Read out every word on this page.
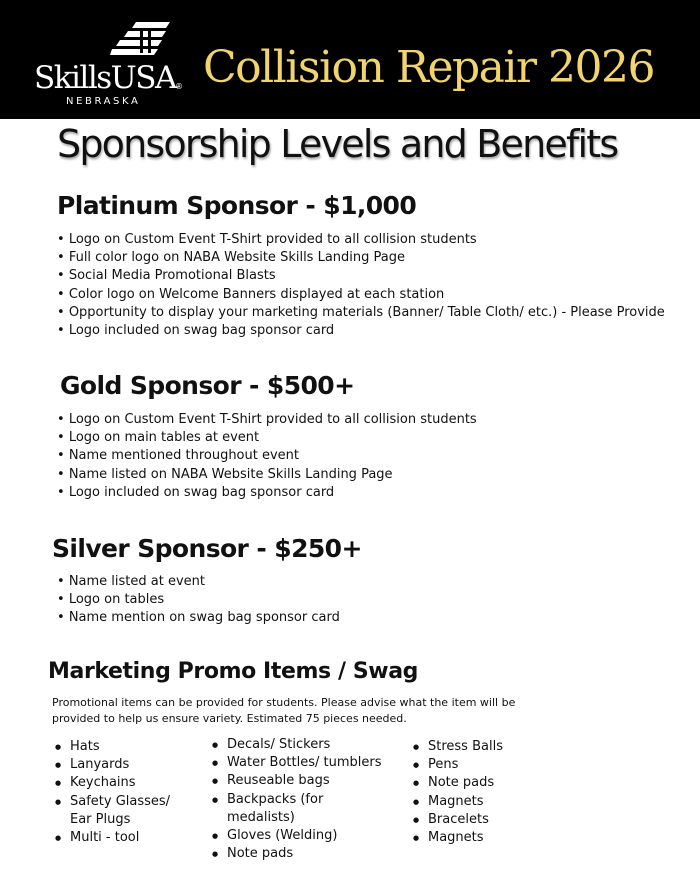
SkillsUSA ®
NEBRASKA
Collision Repair 2026
Sponsorship Levels and Benefits
Platinum Sponsor - $1,000
• Logo on Custom Event T-Shirt provided to all collision students
• Full color logo on NABA Website Skills Landing Page
• Social Media Promotional Blasts
• Color logo on Welcome Banners displayed at each station
• Opportunity to display your marketing materials (Banner/ Table Cloth/ etc.) - Please Provide
• Logo included on swag bag sponsor card
Gold Sponsor - $500+
• Logo on Custom Event T-Shirt provided to all collision students
• Logo on main tables at event
• Name mentioned throughout event
• Name listed on NABA Website Skills Landing Page
• Logo included on swag bag sponsor card
Silver Sponsor - $250+
• Name listed at event
• Logo on tables
• Name mention on swag bag sponsor card
Marketing Promo Items / Swag
Promotional items can be provided for students. Please advise what the item will be provided to help us ensure variety. Estimated 75 pieces needed.
● Hats
● Lanyards
● Keychains
● Safety Glasses/ Ear Plugs
● Multi - tool
● Decals/ Stickers
● Water Bottles/ tumblers
● Reuseable bags
● Backpacks (for medalists)
● Gloves (Welding)
● Note pads
● Stress Balls
● Pens
● Note pads
● Magnets
● Bracelets
● Magnets
